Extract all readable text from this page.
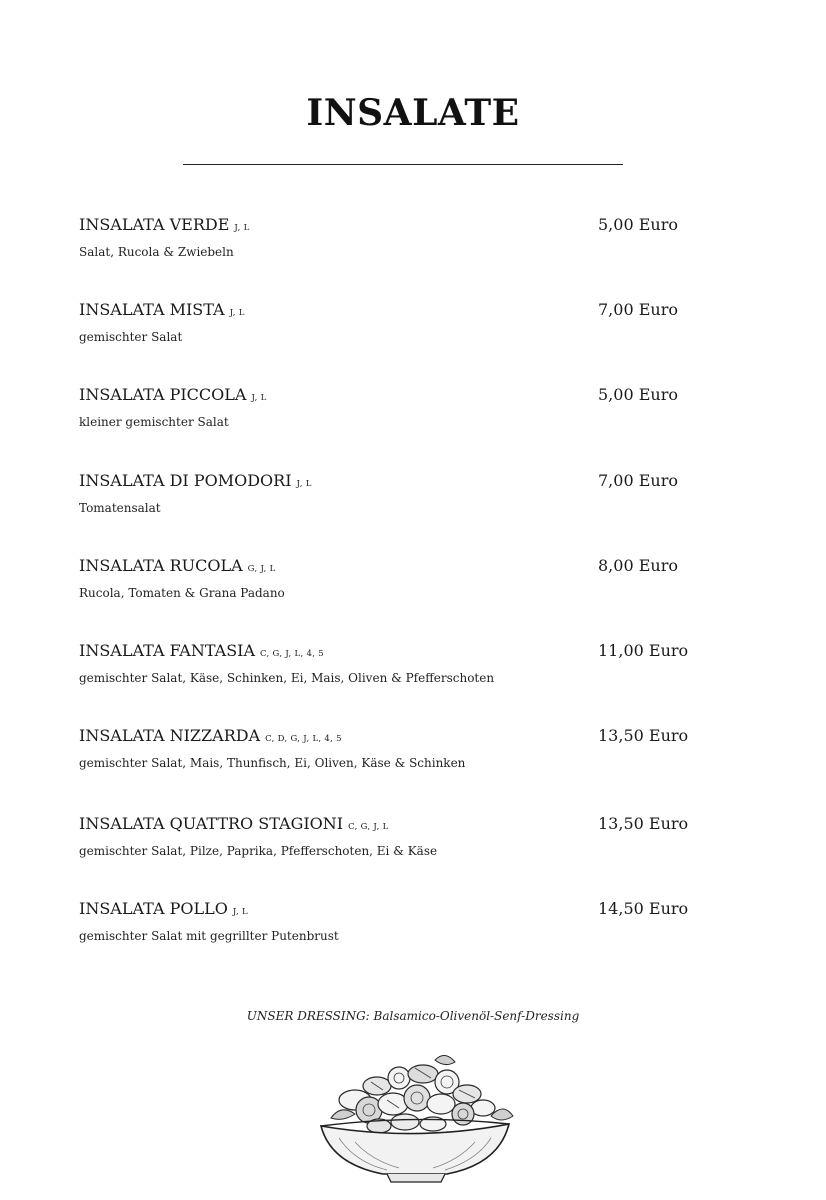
INSALATE
INSALATA VERDE J, L	5,00 Euro
Salat, Rucola & Zwiebeln
INSALATA MISTA J, L	7,00 Euro
gemischter Salat
INSALATA PICCOLA J, L	5,00 Euro
kleiner gemischter Salat
INSALATA DI POMODORI J, L	7,00 Euro
Tomatensalat
INSALATA RUCOLA G, J, L	8,00 Euro
Rucola, Tomaten & Grana Padano
INSALATA FANTASIA C, G, J, L, 4, 5	11,00 Euro
gemischter Salat, Käse, Schinken, Ei, Mais, Oliven & Pfefferschoten
INSALATA NIZZARDA C, D, G, J, L, 4, 5	13,50 Euro
gemischter Salat, Mais, Thunfisch, Ei, Oliven, Käse & Schinken
INSALATA QUATTRO STAGIONI C, G, J, L	13,50 Euro
gemischter Salat, Pilze, Paprika, Pfefferschoten, Ei & Käse
INSALATA POLLO J, L	14,50 Euro
gemischter Salat mit gegrillter Putenbrust
UNSER DRESSING: Balsamico-Olivenöl-Senf-Dressing
